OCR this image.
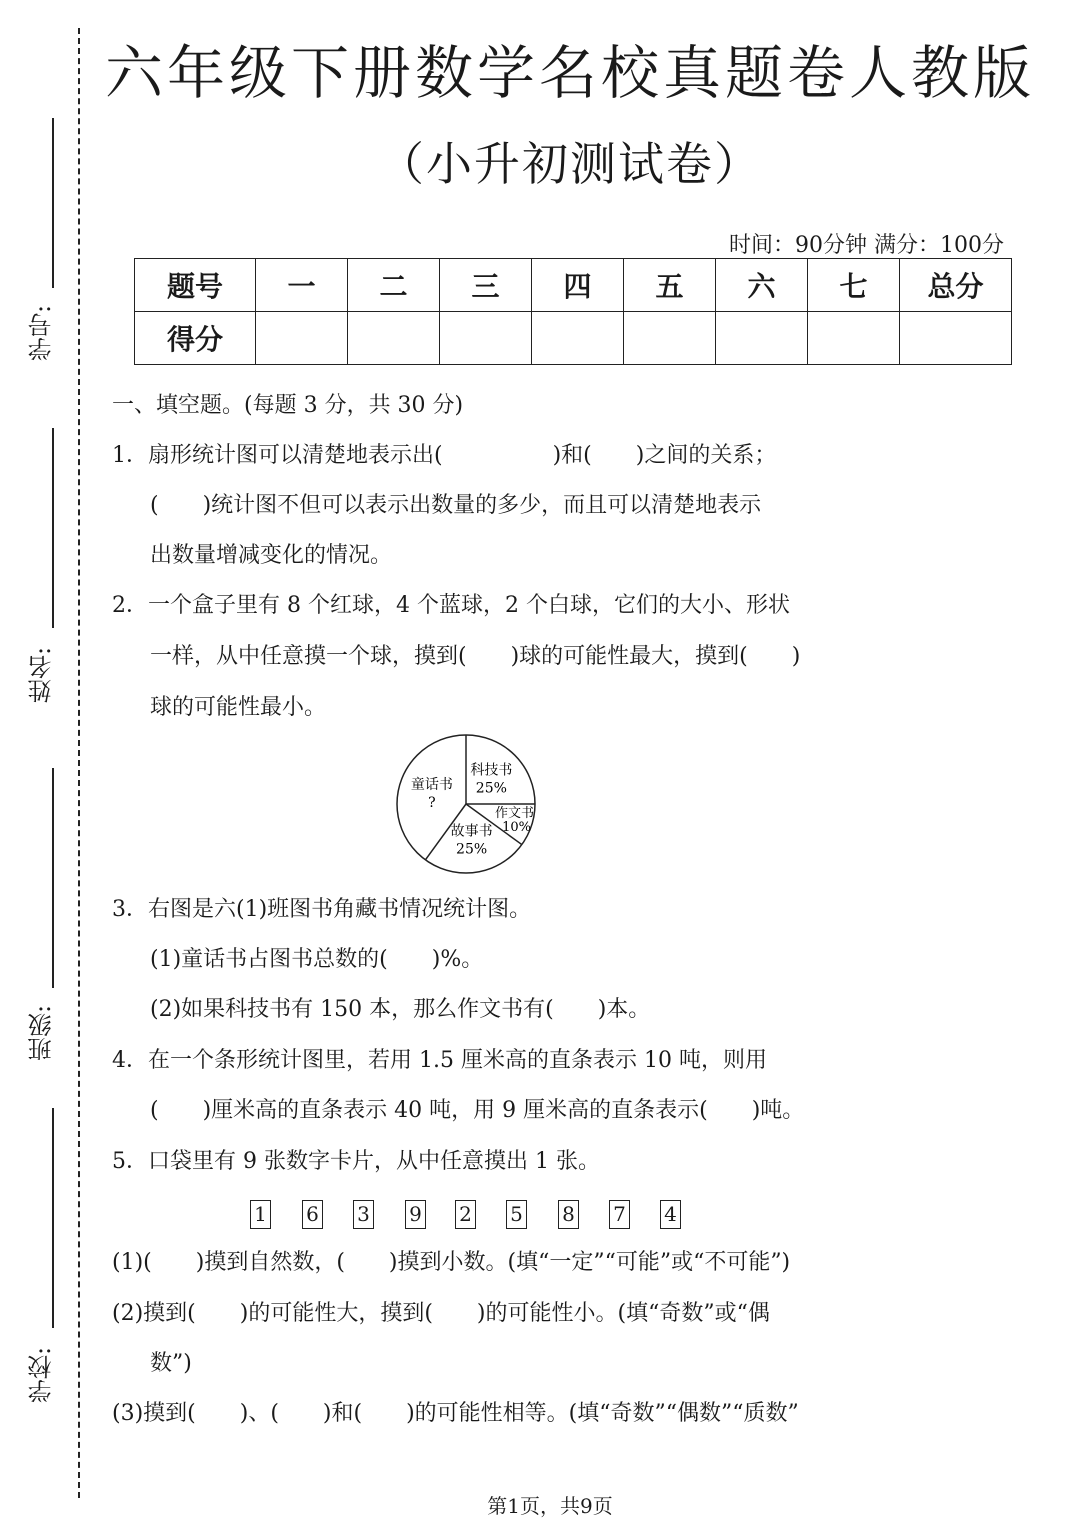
学号:
姓名:
班级:
学校:
六年级下册数学名校真题卷人教版
（小升初测试卷）
时间：90分钟 满分：100分
题号	一	二	三	四	五	六	七	总分
得分								
一、填空题。(每题 3 分，共 30 分)
1．扇形统计图可以清楚地表示出(　　　　　)和(　　)之间的关系；
(　　)统计图不但可以表示出数量的多少，而且可以清楚地表示
出数量增减变化的情况。
2．一个盒子里有 8 个红球，4 个蓝球，2 个白球，它们的大小、形状
一样，从中任意摸一个球，摸到(　　)球的可能性最大，摸到(　　)
球的可能性最小。
科技书
25%
作文书
10%
故事书
25%
童话书
?
3．右图是六(1)班图书角藏书情况统计图。
(1)童话书占图书总数的(　　)%。
(2)如果科技书有 150 本，那么作文书有(　　)本。
4．在一个条形统计图里，若用 1.5 厘米高的直条表示 10 吨，则用
(　　)厘米高的直条表示 40 吨，用 9 厘米高的直条表示(　　)吨。
5．口袋里有 9 张数字卡片，从中任意摸出 1 张。
1 6 3 9 2 5 8 7 4
(1)(　　)摸到自然数，(　　)摸到小数。(填“一定”“可能”或“不可能”)
(2)摸到(　　)的可能性大，摸到(　　)的可能性小。(填“奇数”或“偶
数”)
(3)摸到(　　)、(　　)和(　　)的可能性相等。(填“奇数”“偶数”“质数”
第1页，共9页
